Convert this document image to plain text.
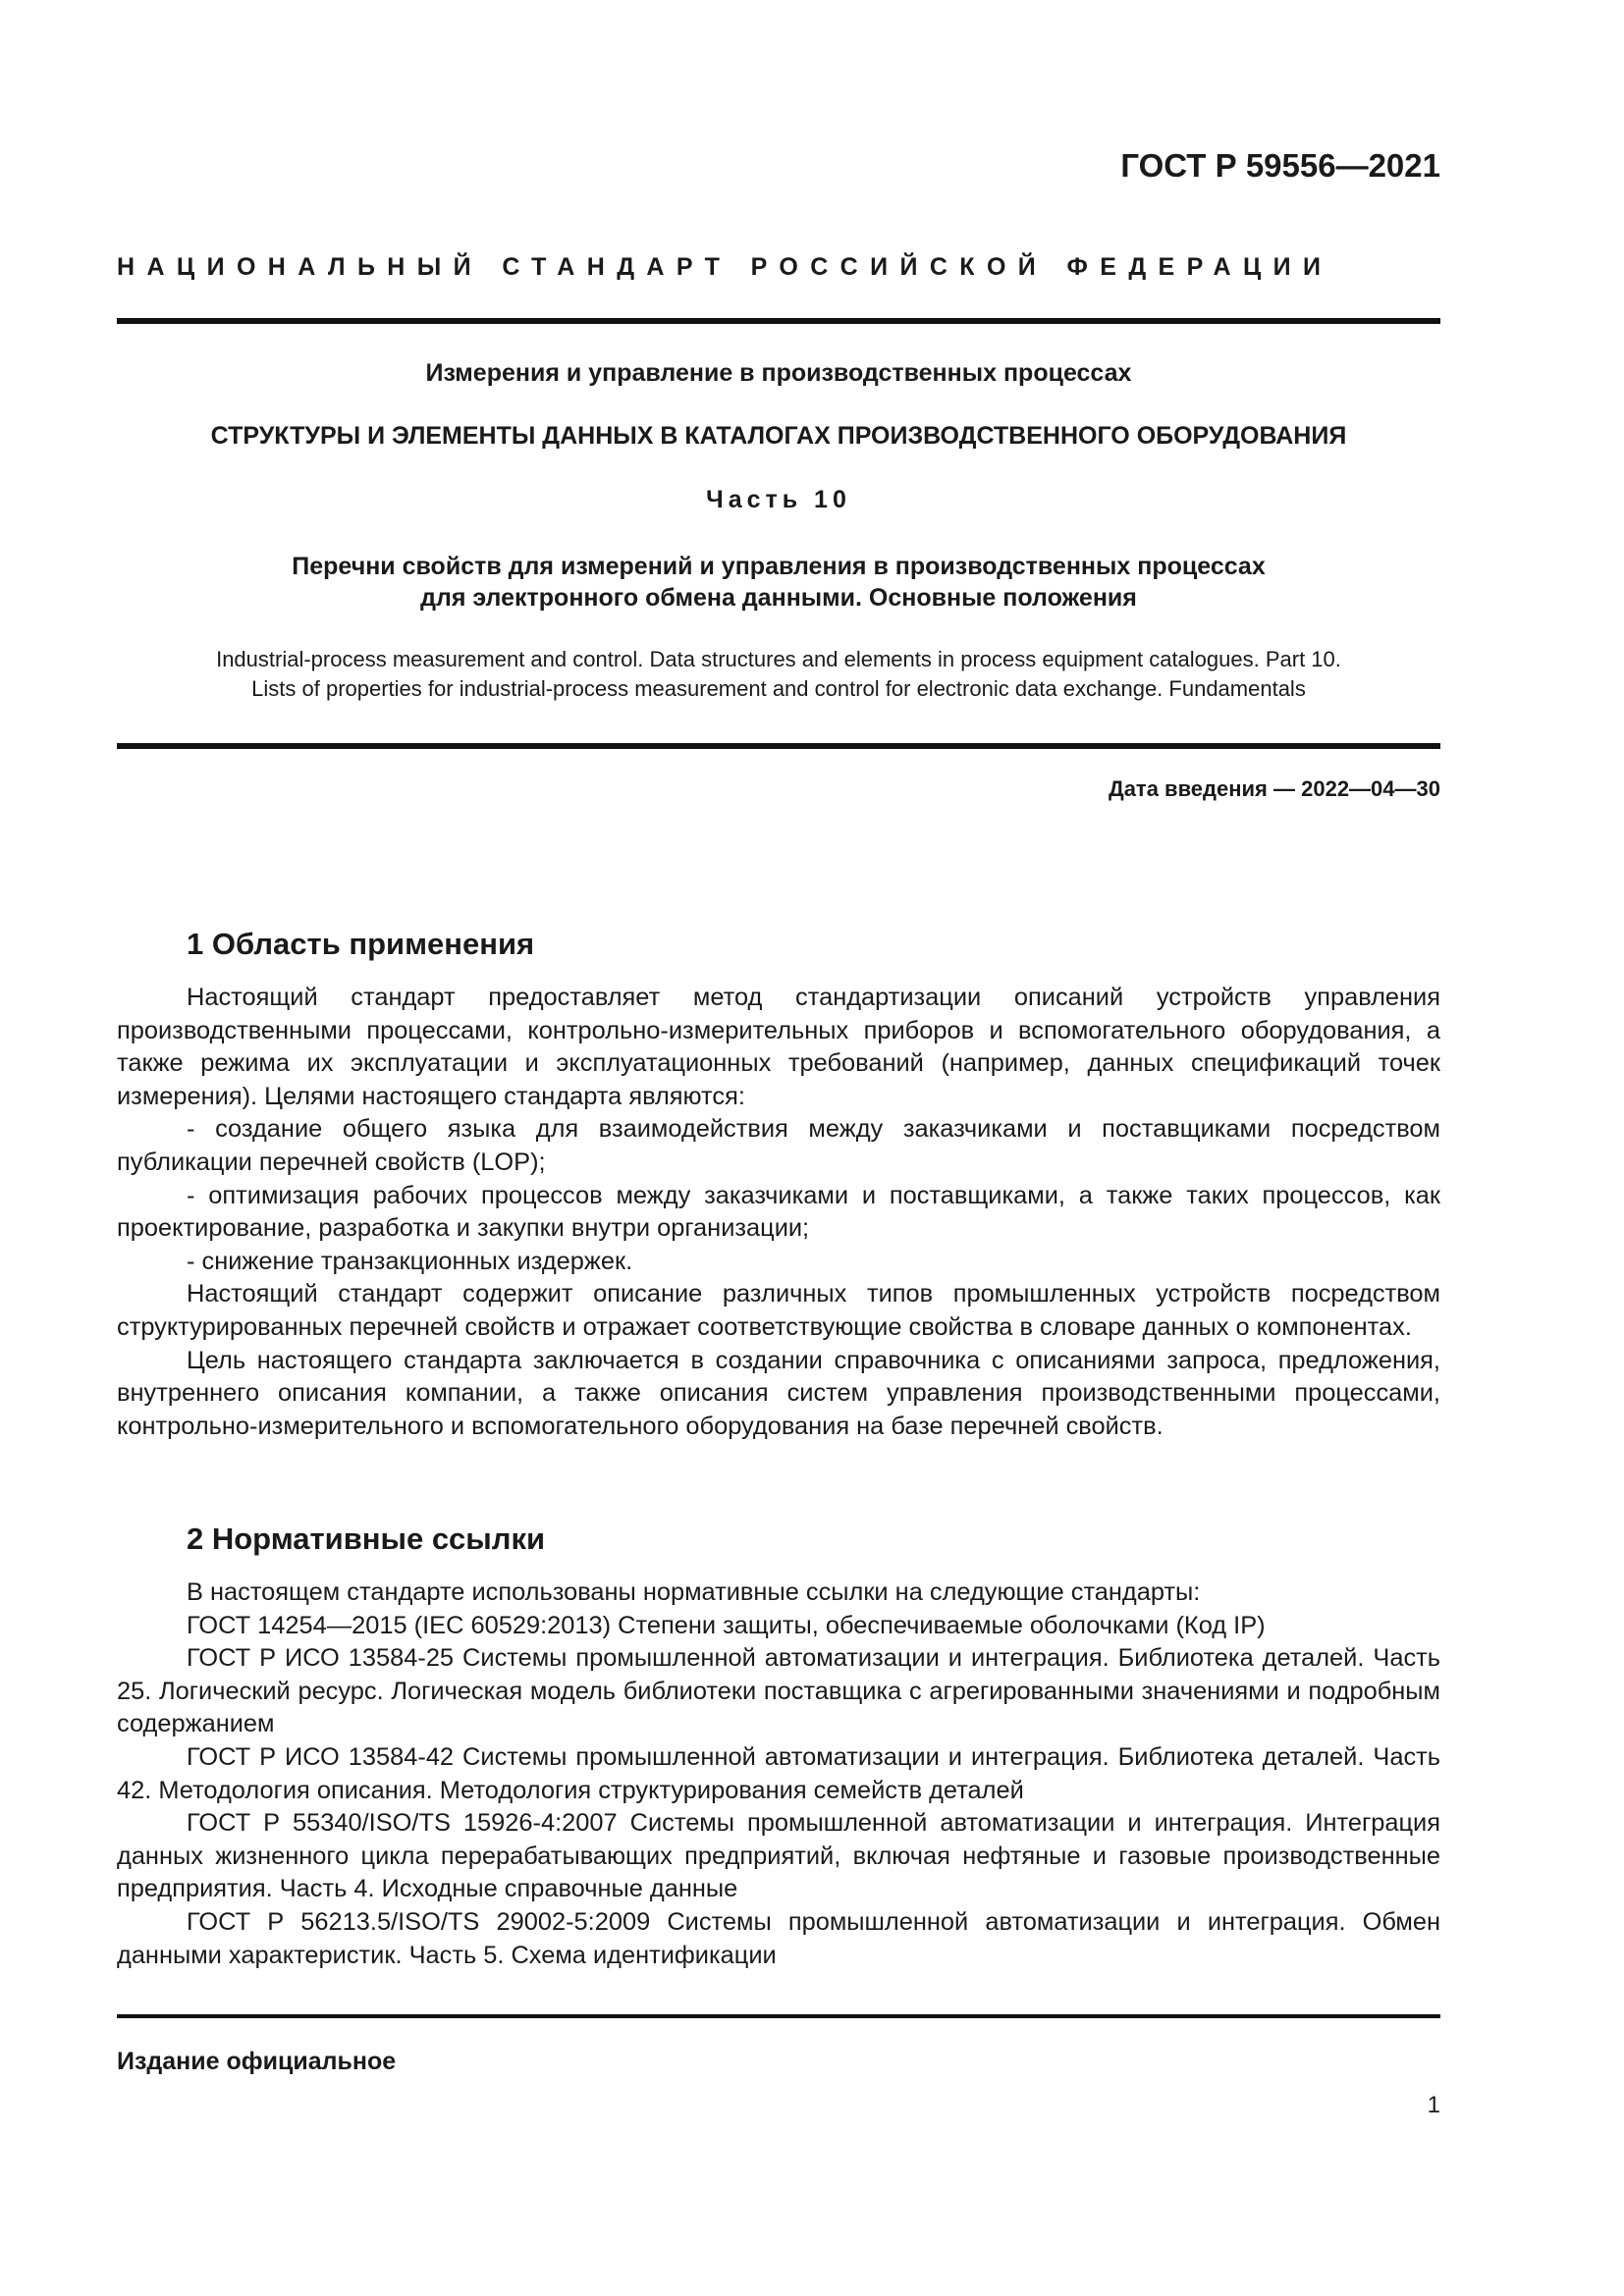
ГОСТ Р 59556—2021
НАЦИОНАЛЬНЫЙ СТАНДАРТ РОССИЙСКОЙ ФЕДЕРАЦИИ
Измерения и управление в производственных процессах
СТРУКТУРЫ И ЭЛЕМЕНТЫ ДАННЫХ В КАТАЛОГАХ ПРОИЗВОДСТВЕННОГО ОБОРУДОВАНИЯ
Часть 10
Перечни свойств для измерений и управления в производственных процессах
для электронного обмена данными. Основные положения
Industrial-process measurement and control. Data structures and elements in process equipment catalogues. Part 10.
Lists of properties for industrial-process measurement and control for electronic data exchange. Fundamentals
Дата введения — 2022—04—30
1 Область применения

Настоящий стандарт предоставляет метод стандартизации описаний устройств управления производственными процессами, контрольно-измерительных приборов и вспомогательного оборудования, а также режима их эксплуатации и эксплуатационных требований (например, данных спецификаций точек измерения). Целями настоящего стандарта являются:

- создание общего языка для взаимодействия между заказчиками и поставщиками посредством публикации перечней свойств (LOP);

- оптимизация рабочих процессов между заказчиками и поставщиками, а также таких процессов, как проектирование, разработка и закупки внутри организации;

- снижение транзакционных издержек.

Настоящий стандарт содержит описание различных типов промышленных устройств посредством структурированных перечней свойств и отражает соответствующие свойства в словаре данных о компонентах.

Цель настоящего стандарта заключается в создании справочника с описаниями запроса, предложения, внутреннего описания компании, а также описания систем управления производственными процессами, контрольно-измерительного и вспомогательного оборудования на базе перечней свойств.

2 Нормативные ссылки

В настоящем стандарте использованы нормативные ссылки на следующие стандарты:

ГОСТ 14254—2015 (IEC 60529:2013) Степени защиты, обеспечиваемые оболочками (Код IP)

ГОСТ Р ИСО 13584-25 Системы промышленной автоматизации и интеграция. Библиотека деталей. Часть 25. Логический ресурс. Логическая модель библиотеки поставщика с агрегированными значениями и подробным содержанием

ГОСТ Р ИСО 13584-42 Системы промышленной автоматизации и интеграция. Библиотека деталей. Часть 42. Методология описания. Методология структурирования семейств деталей

ГОСТ Р 55340/ISO/TS 15926-4:2007 Системы промышленной автоматизации и интеграция. Интеграция данных жизненного цикла перерабатывающих предприятий, включая нефтяные и газовые производственные предприятия. Часть 4. Исходные справочные данные

ГОСТ Р 56213.5/ISO/TS 29002-5:2009 Системы промышленной автоматизации и интеграция. Обмен данными характеристик. Часть 5. Схема идентификации

Издание официальное
1
